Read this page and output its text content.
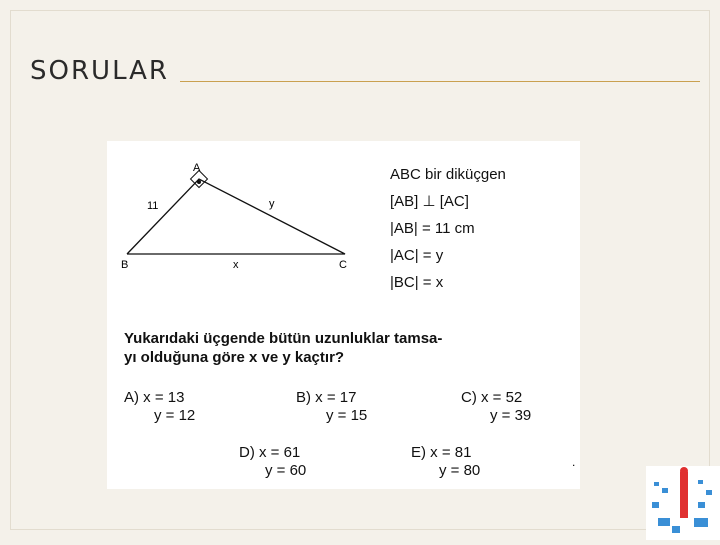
SORULAR
A
B	C
11	y
x
ABC bir diküçgen
[AB] ⊥ [AC]
|AB| = 11 cm
|AC| = y
|BC| = x
Yukarıdaki üçgende bütün uzunluklar tamsa-
yı olduğuna göre x ve y kaçtır?
A) x = 13
y = 12
B) x = 17
y = 15
C) x = 52
y = 39
D) x = 61
y = 60
E) x = 81
y = 80	.
